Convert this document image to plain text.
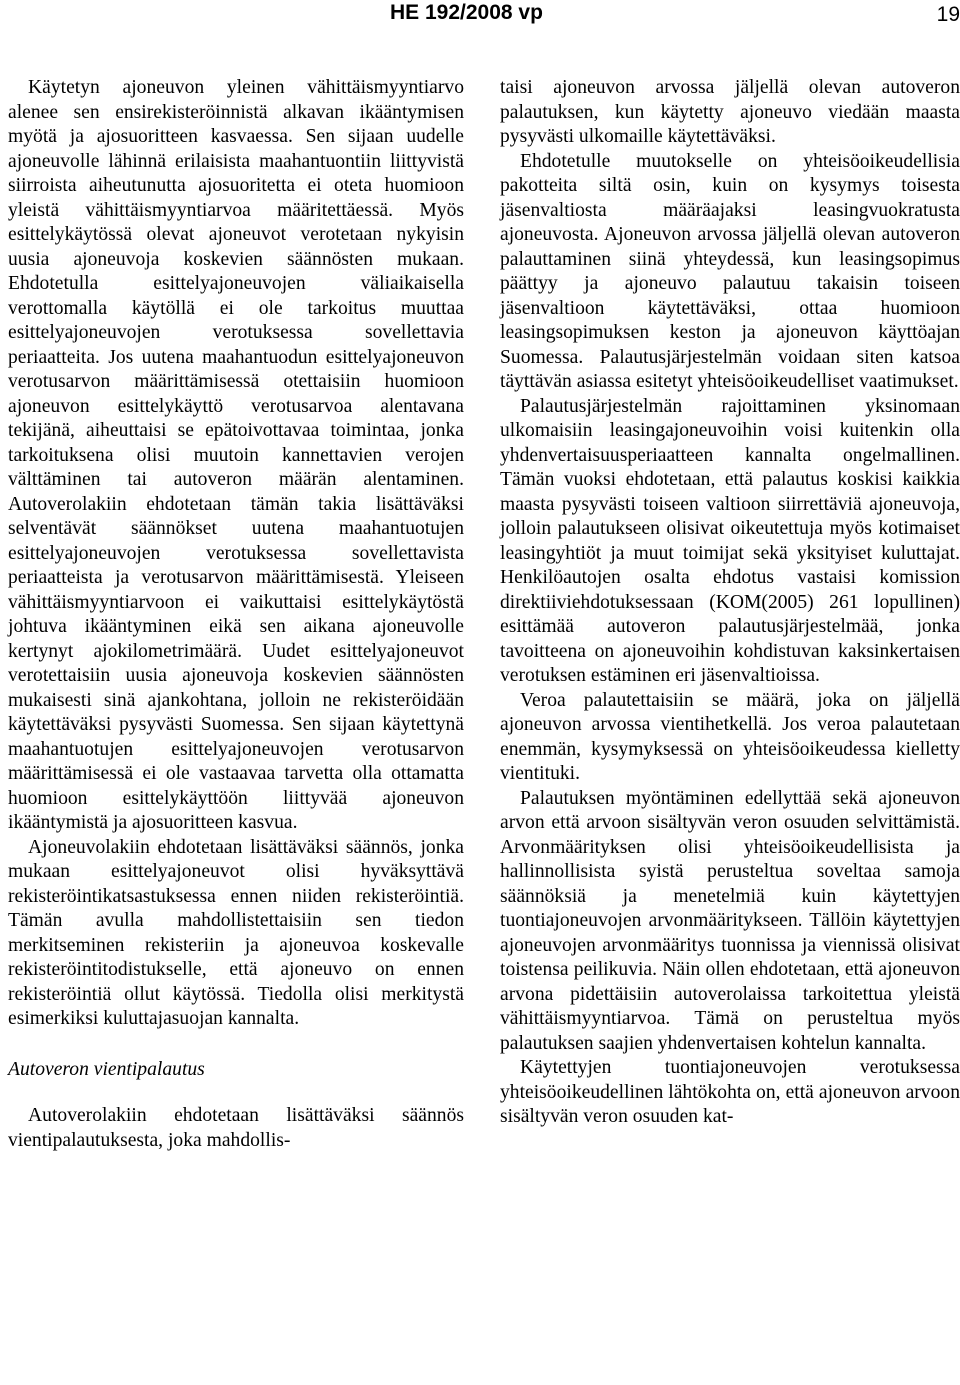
HE 192/2008 vp	19

Käytetyn ajoneuvon yleinen vähittäismyyntiarvo alenee sen ensirekisteröinnistä alkavan ikääntymisen myötä ja ajosuoritteen kasvaessa. Sen sijaan uudelle ajoneuvolle lähinnä erilaisista maahantuontiin liittyvistä siirroista aiheutunutta ajosuoritetta ei oteta huomioon yleistä vähittäismyyntiarvoa määritettäessä. Myös esittelykäytössä olevat ajoneuvot verotetaan nykyisin uusia ajoneuvoja koskevien säännösten mukaan. Ehdotetulla esittelyajoneuvojen väliaikaisella verottomalla käytöllä ei ole tarkoitus muuttaa esittelyajoneuvojen verotuksessa sovellettavia periaatteita. Jos uutena maahantuodun esittelyajoneuvon verotusarvon määrittämisessä otettaisiin huomioon ajoneuvon esittelykäyttö verotusarvoa alentavana tekijänä, aiheuttaisi se epätoivottavaa toimintaa, jonka tarkoituksena olisi muutoin kannettavien verojen välttäminen tai autoveron määrän alentaminen. Autoverolakiin ehdotetaan tämän takia lisättäväksi selventävät säännökset uutena maahantuotujen esittelyajoneuvojen verotuksessa sovellettavista periaatteista ja verotusarvon määrittämisestä. Yleiseen vähittäismyyntiarvoon ei vaikuttaisi esittelykäytöstä johtuva ikääntyminen eikä sen aikana ajoneuvolle kertynyt ajokilometrimäärä. Uudet esittelyajoneuvot verotettaisiin uusia ajoneuvoja koskevien säännösten mukaisesti sinä ajankohtana, jolloin ne rekisteröidään käytettäväksi pysyvästi Suomessa. Sen sijaan käytettynä maahantuotujen esittelyajoneuvojen verotusarvon määrittämisessä ei ole vastaavaa tarvetta olla ottamatta huomioon esittelykäyttöön liittyvää ajoneuvon ikääntymistä ja ajosuoritteen kasvua.

Ajoneuvolakiin ehdotetaan lisättäväksi säännös, jonka mukaan esittelyajoneuvot olisi hyväksyttävä rekisteröintikatsastuksessa ennen niiden rekisteröintiä. Tämän avulla mahdollistettaisiin sen tiedon merkitseminen rekisteriin ja ajoneuvoa koskevalle rekisteröintitodistukselle, että ajoneuvo on ennen rekisteröintiä ollut käytössä. Tiedolla olisi merkitystä esimerkiksi kuluttajasuojan kannalta.

Autoveron vientipalautus

Autoverolakiin ehdotetaan lisättäväksi säännös vientipalautuksesta, joka mahdollis-

taisi ajoneuvon arvossa jäljellä olevan autoveron palautuksen, kun käytetty ajoneuvo viedään maasta pysyvästi ulkomaille käytettäväksi.

Ehdotetulle muutokselle on yhteisöoikeudellisia pakotteita siltä osin, kuin on kysymys toisesta jäsenvaltiosta määräajaksi leasingvuokratusta ajoneuvosta. Ajoneuvon arvossa jäljellä olevan autoveron palauttaminen siinä yhteydessä, kun leasingsopimus päättyy ja ajoneuvo palautuu takaisin toiseen jäsenvaltioon käytettäväksi, ottaa huomioon leasingsopimuksen keston ja ajoneuvon käyttöajan Suomessa. Palautusjärjestelmän voidaan siten katsoa täyttävän asiassa esitetyt yhteisöoikeudelliset vaatimukset.

Palautusjärjestelmän rajoittaminen yksinomaan ulkomaisiin leasingajoneuvoihin voisi kuitenkin olla yhdenvertaisuusperiaatteen kannalta ongelmallinen. Tämän vuoksi ehdotetaan, että palautus koskisi kaikkia maasta pysyvästi toiseen valtioon siirrettäviä ajoneuvoja, jolloin palautukseen olisivat oikeutettuja myös kotimaiset leasingyhtiöt ja muut toimijat sekä yksityiset kuluttajat. Henkilöautojen osalta ehdotus vastaisi komission direktiiviehdotuksessaan (KOM(2005) 261 lopullinen) esittämää autoveron palautusjärjestelmää, jonka tavoitteena on ajoneuvoihin kohdistuvan kaksinkertaisen verotuksen estäminen eri jäsenvaltioissa.

Veroa palautettaisiin se määrä, joka on jäljellä ajoneuvon arvossa vientihetkellä. Jos veroa palautetaan enemmän, kysymyksessä on yhteisöoikeudessa kielletty vientituki.

Palautuksen myöntäminen edellyttää sekä ajoneuvon arvon että arvoon sisältyvän veron osuuden selvittämistä. Arvonmäärityksen olisi yhteisöoikeudellisista ja hallinnollisista syistä perusteltua soveltaa samoja säännöksiä ja menetelmiä kuin käytettyjen tuontiajoneuvojen arvonmääritykseen. Tällöin käytettyjen ajoneuvojen arvonmääritys tuonnissa ja viennissä olisivat toistensa peilikuvia. Näin ollen ehdotetaan, että ajoneuvon arvona pidettäisiin autoverolaissa tarkoitettua yleistä vähittäismyyntiarvoa. Tämä on perusteltua myös palautuksen saajien yhdenvertaisen kohtelun kannalta.

Käytettyjen tuontiajoneuvojen verotuksessa yhteisöoikeudellinen lähtökohta on, että ajoneuvon arvoon sisältyvän veron osuuden kat-
